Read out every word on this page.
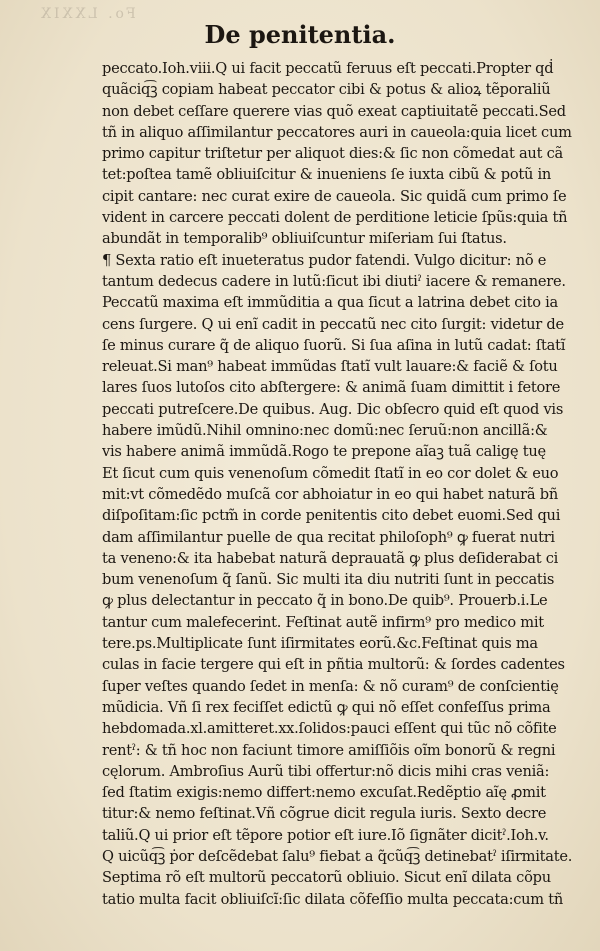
Fo. LXXIX
De penitentia.
peccato.Ioh.viii.Q ui facit peccatũ feruus eſt peccati.Propter qḋ
quãciq͡ꝫ copiam habeat peccator cibi & potus & alioꝝ tẽporaliũ
non debet ceſſare querere vias quõ exeat captiuitatẽ peccati.Sed
tñ in aliquo aſſimilantur peccatores auri in caueola:quia licet cum
primo capitur triſtetur per aliquot dies:& ſic non cõmedat aut cã
tet:poſtea tamẽ obliuiſcitur & inueniens ſe iuxta cibũ & potũ in
cipit cantare: nec curat exire de caueola. Sic quidã cum primo ſe
vident in carcere peccati dolent de perditione leticie ſpũs:quia tñ
abundãt in temporalib⁹ obliuiſcuntur miſeriam ſui ſtatus.
¶ Sexta ratio eſt inueteratus pudor fatendi. Vulgo dicitur: nõ e
tantum dedecus cadere in lutũ:ſicut ibi diutiˀ iacere & remanere.
Peccatũ maxima eſt immũditia a qua ſicut a latrina debet cito ia
cens ſurgere. Q ui enĩ cadit in peccatũ nec cito ſurgit: videtur de
ſe minus curare q̃ de aliquo ſuorũ. Si ſua aſina in lutũ cadat: ſtatĩ
releuat.Si man⁹ habeat immũdas ſtatĩ vult lauare:& faciẽ & ſotu
lares ſuos lutoſos cito abſtergere: & animã ſuam dimittit i fetore
peccati putreſcere.De quibus. Aug. Dic obſecro quid eſt quod vis
habere imũdũ.Nihil omnino:nec domũ:nec ſeruũ:non ancillã:&
vis habere animã immũdã.Rogo te prepone aĩaꝫ tuã caligę tuę
Et ſicut cum quis venenoſum cõmedit ſtatĩ in eo cor dolet & euo
mit:vt cõmedẽdo muſcã cor abhoiatur in eo qui habet naturã bñ
diſpoſitam:ſic pctm̃ in corde penitentis cito debet euomi.Sed qui
dam aſſimilantur puelle de qua recitat philoſoph⁹ ꝙ fuerat nutri
ta veneno:& ita habebat naturã deprauatã ꝙ plus deſiderabat ci
bum venenoſum q̃ ſanũ. Sic multi ita diu nutriti ſunt in peccatis
ꝙ plus delectantur in peccato q̃ in bono.De quib⁹. Prouerb.i.Le
tantur cum malefecerint. Feſtinat autẽ infirm⁹ pro medico mit
tere.ps.Multiplicate ſunt iſirmitates eorũ.&c.Feſtinat quis ma
culas in facie tergere qui eſt in pñtia multorũ: & ſordes cadentes
ſuper veſtes quando ſedet in menſa: & nõ curam⁹ de conſcientię
mũdicia. Vñ ſi rex feciſſet edictũ ꝙ qui nõ eſſet confeſſus prima
hebdomada.xl.amitteret.xx.ſolidos:pauci eſſent qui tũc nõ cõfite
rentˀ: & tñ hoc non faciunt timore amiſſiõis oĩm bonorũ & regni
cęlorum. Ambroſius Aurũ tibi offertur:nõ dicis mihi cras veniã:
ſed ſtatim exigis:nemo differt:nemo excuſat.Redẽptio aĩę ꝓmit
titur:& nemo feſtinat.Vñ cõgrue dicit regula iuris. Sexto decre
taliũ.Q ui prior eſt tẽpore potior eſt iure.Iõ ſignãter dicitˀ.Ioh.v.
Q uicũq͡ꝫ ṗor deſcẽdebat ſalu⁹ fiebat a q̃cũq͡ꝫ detinebatˀ iſirmitate.
Septima rõ eſt multorũ peccatorũ obliuio. Sicut enĩ dilata cõpu
tatio multa facit obliuiſcĩ:ſic dilata cõfeſſio multa peccata:cum tñ
